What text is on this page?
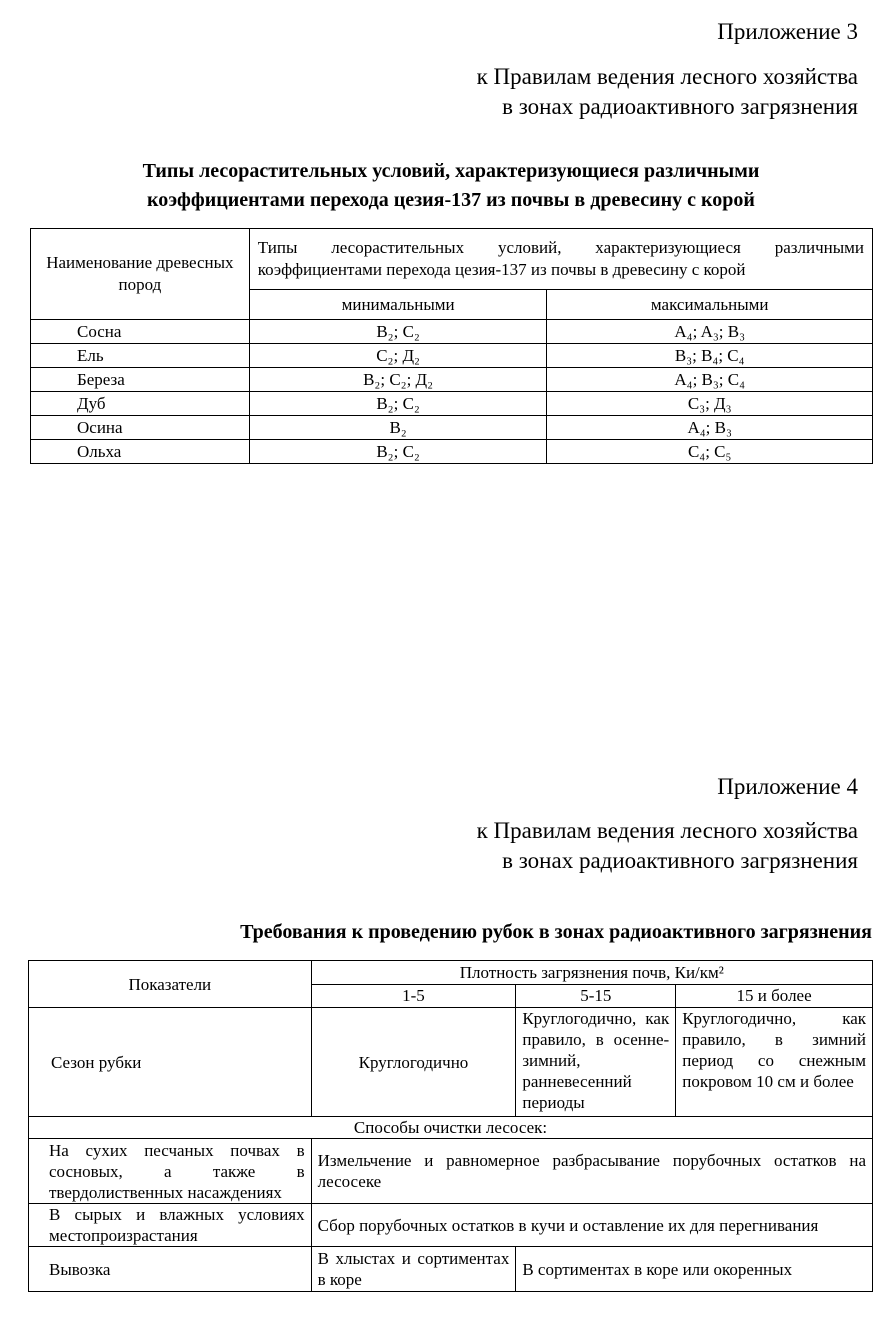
Приложение 3
к Правилам ведения лесного хозяйства
в зонах радиоактивного загрязнения
Типы лесорастительных условий, характеризующиеся различными
коэффициентами перехода цезия-137 из почвы в древесину с корой
Наименование древесных пород	Типы лесорастительных условий, характеризующиеся различными коэффициентами перехода цезия-137 из почвы в древесину с корой	
	минимальными	максимальными
Сосна	B₂; C₂	A₄; A₃; B₃
Ель	C₂; Д₂	B₃; B₄; C₄
Береза	B₂; C₂; Д₂	A₄; B₃; C₄
Дуб	B₂; C₂	C₃; Д₃
Осина	B₂	A₄; B₃
Ольха	B₂; C₂	C₄; C₅
Приложение 4
к Правилам ведения лесного хозяйства
в зонах радиоактивного загрязнения
Требования к проведению рубок в зонах радиоактивного загрязнения
Показатели	Плотность загрязнения почв, Ки/км²		
	1-5	5-15	15 и более
Сезон рубки	Круглогодично	Круглогодично, как правило, в осенне-зимний, ранневесенний периоды	Круглогодично, как правило, в зимний период со снежным покровом 10 см и более
Способы очистки лесосек:			
На сухих песчаных почвах в сосновых, а также в твердолиственных насаждениях	Измельчение и равномерное разбрасывание порубочных остатков на лесосеке		
В сырых и влажных условиях местопроизрастания	Сбор порубочных остатков в кучи и оставление их для перегнивания		
Вывозка	В хлыстах и сортиментах в коре	В сортиментах в коре или окоренных	
